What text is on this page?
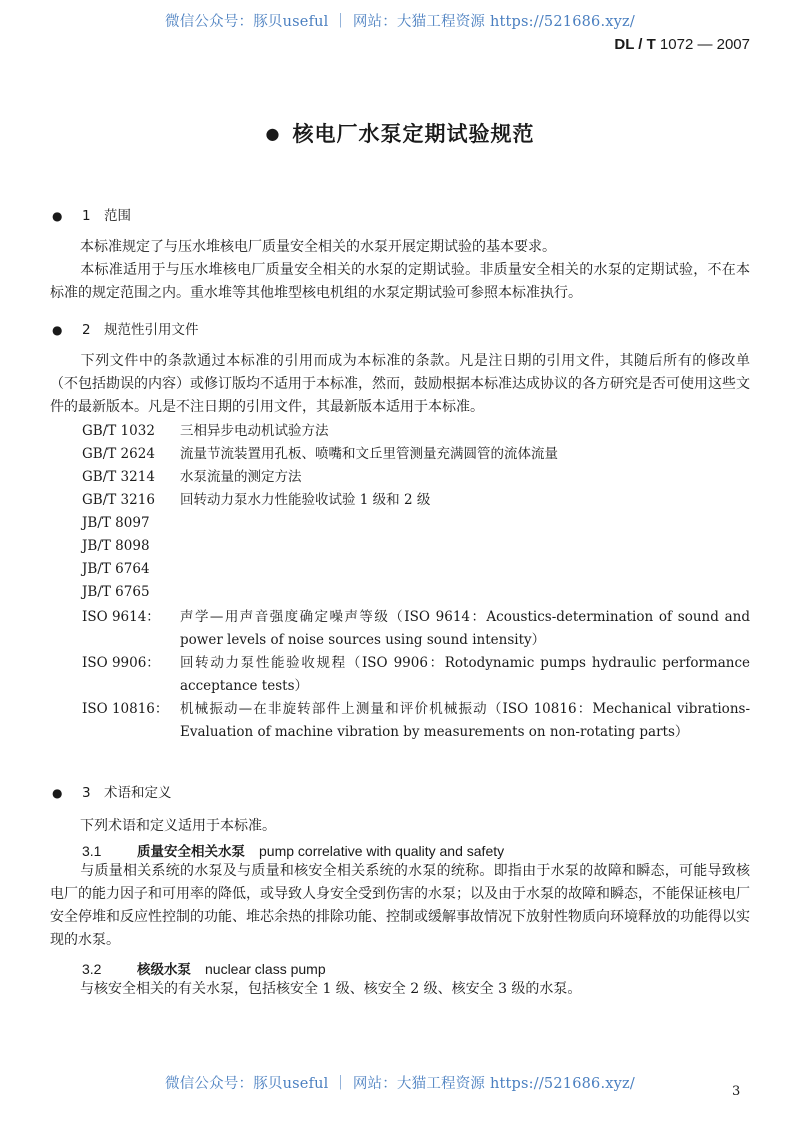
微信公众号：豚贝useful ｜ 网站：大猫工程资源 https://521686.xyz/
DL / T 1072 — 2007
● 核电厂水泵定期试验规范
● 1 范围
本标准规定了与压水堆核电厂质量安全相关的水泵开展定期试验的基本要求。
本标准适用于与压水堆核电厂质量安全相关的水泵的定期试验。非质量安全相关的水泵的定期试验，不在本标准的规定范围之内。重水堆等其他堆型核电机组的水泵定期试验可参照本标准执行。
● 2 规范性引用文件
下列文件中的条款通过本标准的引用而成为本标准的条款。凡是注日期的引用文件，其随后所有的修改单（不包括勘误的内容）或修订版均不适用于本标准，然而，鼓励根据本标准达成协议的各方研究是否可使用这些文件的最新版本。凡是不注日期的引用文件，其最新版本适用于本标准。
GB/T 1032 三相异步电动机试验方法
GB/T 2624 流量节流装置用孔板、喷嘴和文丘里管测量充满圆管的流体流量
GB/T 3214 水泵流量的测定方法
GB/T 3216 回转动力泵水力性能验收试验 1 级和 2 级
JB/T 8097
JB/T 8098
JB/T 6764
JB/T 6765
ISO 9614： 声学—用声音强度确定噪声等级（ISO 9614：Acoustics-determination of sound and power levels of noise sources using sound intensity）
ISO 9906： 回转动力泵性能验收规程（ISO 9906：Rotodynamic pumps hydraulic performance acceptance tests）
ISO 10816： 机械振动—在非旋转部件上测量和评价机械振动（ISO 10816：Mechanical vibrations-Evaluation of machine vibration by measurements on non-rotating parts）
● 3 术语和定义
下列术语和定义适用于本标准。
3.1	质量安全相关水泵 pump correlative with quality and safety
与质量相关系统的水泵及与质量和核安全相关系统的水泵的统称。即指由于水泵的故障和瞬态，可能导致核电厂的能力因子和可用率的降低，或导致人身安全受到伤害的水泵；以及由于水泵的故障和瞬态，不能保证核电厂安全停堆和反应性控制的功能、堆芯余热的排除功能、控制或缓解事故情况下放射性物质向环境释放的功能得以实现的水泵。
3.2	核级水泵 nuclear class pump
与核安全相关的有关水泵，包括核安全 1 级、核安全 2 级、核安全 3 级的水泵。
微信公众号：豚贝useful ｜ 网站：大猫工程资源 https://521686.xyz/	3
